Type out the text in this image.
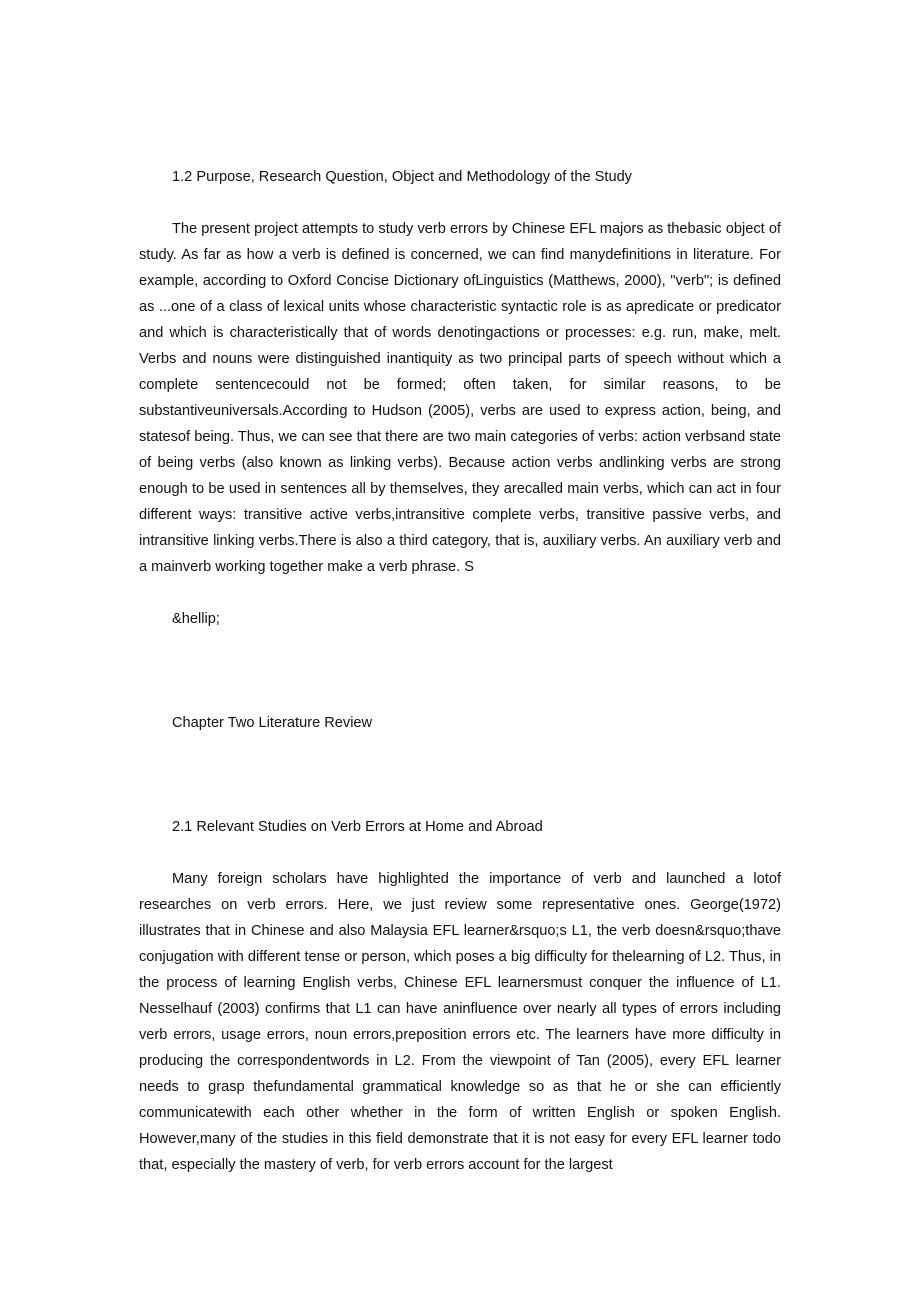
1.2 Purpose, Research Question, Object and Methodology of the Study

The present project attempts to study verb errors by Chinese EFL majors as thebasic object of study. As far as how a verb is defined is concerned, we can find manydefinitions in literature. For example, according to Oxford Concise Dictionary ofLinguistics (Matthews, 2000), "verb"; is defined as ...one of a class of lexical units whose characteristic syntactic role is as apredicate or predicator and which is characteristically that of words denotingactions or processes: e.g. run, make, melt. Verbs and nouns were distinguished inantiquity as two principal parts of speech without which a complete sentencecould not be formed; often taken, for similar reasons, to be substantiveuniversals.According to Hudson (2005), verbs are used to express action, being, and statesof being. Thus, we can see that there are two main categories of verbs: action verbsand state of being verbs (also known as linking verbs). Because action verbs andlinking verbs are strong enough to be used in sentences all by themselves, they arecalled main verbs, which can act in four different ways: transitive active verbs,intransitive complete verbs, transitive passive verbs, and intransitive linking verbs.There is also a third category, that is, auxiliary verbs. An auxiliary verb and a mainverb working together make a verb phrase. S

&hellip;

Chapter Two Literature Review

2.1 Relevant Studies on Verb Errors at Home and Abroad

Many foreign scholars have highlighted the importance of verb and launched a lotof researches on verb errors. Here, we just review some representative ones. George(1972) illustrates that in Chinese and also Malaysia EFL learner&rsquo;s L1, the verb doesn&rsquo;thave conjugation with different tense or person, which poses a big difficulty for thelearning of L2. Thus, in the process of learning English verbs, Chinese EFL learnersmust conquer the influence of L1. Nesselhauf (2003) confirms that L1 can have aninfluence over nearly all types of errors including verb errors, usage errors, noun errors,preposition errors etc. The learners have more difficulty in producing the correspondentwords in L2. From the viewpoint of Tan (2005), every EFL learner needs to grasp thefundamental grammatical knowledge so as that he or she can efficiently communicatewith each other whether in the form of written English or spoken English. However,many of the studies in this field demonstrate that it is not easy for every EFL learner todo that, especially the mastery of verb, for verb errors account for the largest
